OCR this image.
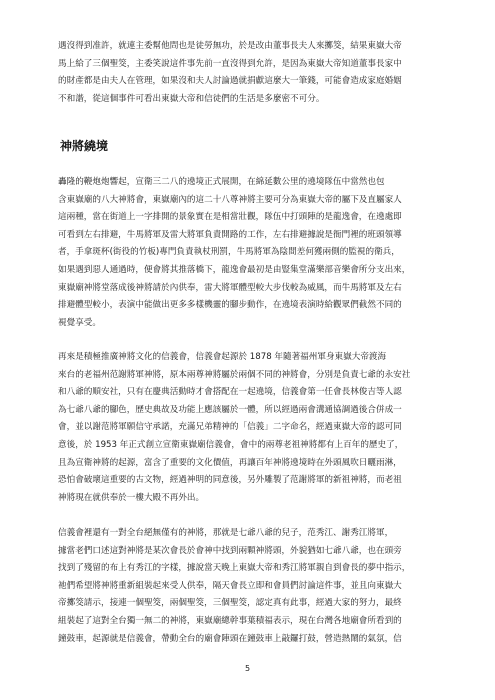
遇沒得到准許，就連主委幫他問也是徒勞無功，於是改由董事長夫人來擲筊，結果東嶽大帝
馬上給了三個聖筊，主委笑說這件事先前一直沒得到允許，是因為東嶽大帝知道董事長家中
的財產都是由夫人在管理，如果沒和夫人討論過就捐獻這麼大一筆錢，可能會造成家庭婚姻
不和諧，從這個事件可看出東嶽大帝和信徒們的生活是多麼密不可分。
神將繞境
轟隆的鞭炮炮響起，宣衛三二八的遶境正式展開，在綿延數公里的遶境隊伍中當然也包
含東嶽廟的八大神將會，東嶽廟內的這二十八尊神將主要可分為東嶽大帝的屬下及直屬家人
這兩種，當在街道上一字排開的景象實在是相當壯觀，隊伍中打頭陣的是龍逸會，在遶處即
可看到左右排避，牛馬將軍及雷大將軍負責開路的工作，左右排避據說是衙門裡的班頭領導
者，手拿斑杯(街役的竹板)專門負責執杖刑罰，牛馬將軍為陰間差何獲兩側的監視的衛兵，
如果遇到惡人通過時，便會將其推落橋下，龍逸會最初是由豎集堂滿樂部音樂會所分支出來，
東嶽廟神將堂落成後神將請於內供奉，雷大將軍體型較大步伐較為威風，而牛馬將軍及左右
排避體型較小，表演中能做出更多多樣機靈的腳步動作，在遶境表演時給觀眾們截然不同的
視覺享受。
再來是積極推廣神將文化的信義會，信義會起源於 1878 年隨著福州軍身東嶽大帝渡海
來台的老福州范謝將軍神將，原本兩尊神將屬於兩個不同的神將會，分別是負責七爺的永安社
和八爺的順安社，只有在慶典活動時才會搭配在一起遶境，信義會第一任會長林俊吉等人認
為七爺八爺的腳色，歷史典故及功能上應該屬於一體，所以經過兩會溝通協調過後合併成一
會，並以謝范將軍願信守承諾，充滿兄弟精神的「信義」二字命名，經過東嶽大帝的認可同
意後，於 1953 年正式創立宣衛東嶽廟信義會，會中的兩尊老祖神將都有上百年的歷史了，
且為宣衛神將的起源，富含了重要的文化價值，再讓百年神將遶境時在外頭風吹日曬雨淋，
恐怕會破壞這重要的古文物，經過神明的同意後，另外雕製了范謝將軍的新祖神將，而老祖
神將現在就供奉於一樓大殿不再外出。
信義會裡還有一對全台絕無僅有的神將，那就是七爺八爺的兒子，范秀江、謝秀江將軍，
據當老們口述這對神將是某次會長於會神中找到兩顆神將頭，外貌猶如七爺八爺，也在頭旁
找到了殘留的布上有秀江的字樣，據說當天晚上東嶽大帝和秀江將軍親自到會長的夢中指示，
祂們希望將神將重新組裝起來受人供奉，隔天會長立即和會員們討論這件事，並且向東嶽大
帝擲筊請示，接連一個聖筊，兩個聖筊，三個聖筊，認定真有此事，經過大家的努力，最終
組裝起了這對全台獨一無二的神將，東嶽廟總幹事葉積福表示，現在台灣各地廟會所看到的
鐘鼓車，起源就是信義會，帶動全台的廟會陣頭在鐘鼓車上敲鑼打鼓，營造熱鬧的氣氛，信
5
